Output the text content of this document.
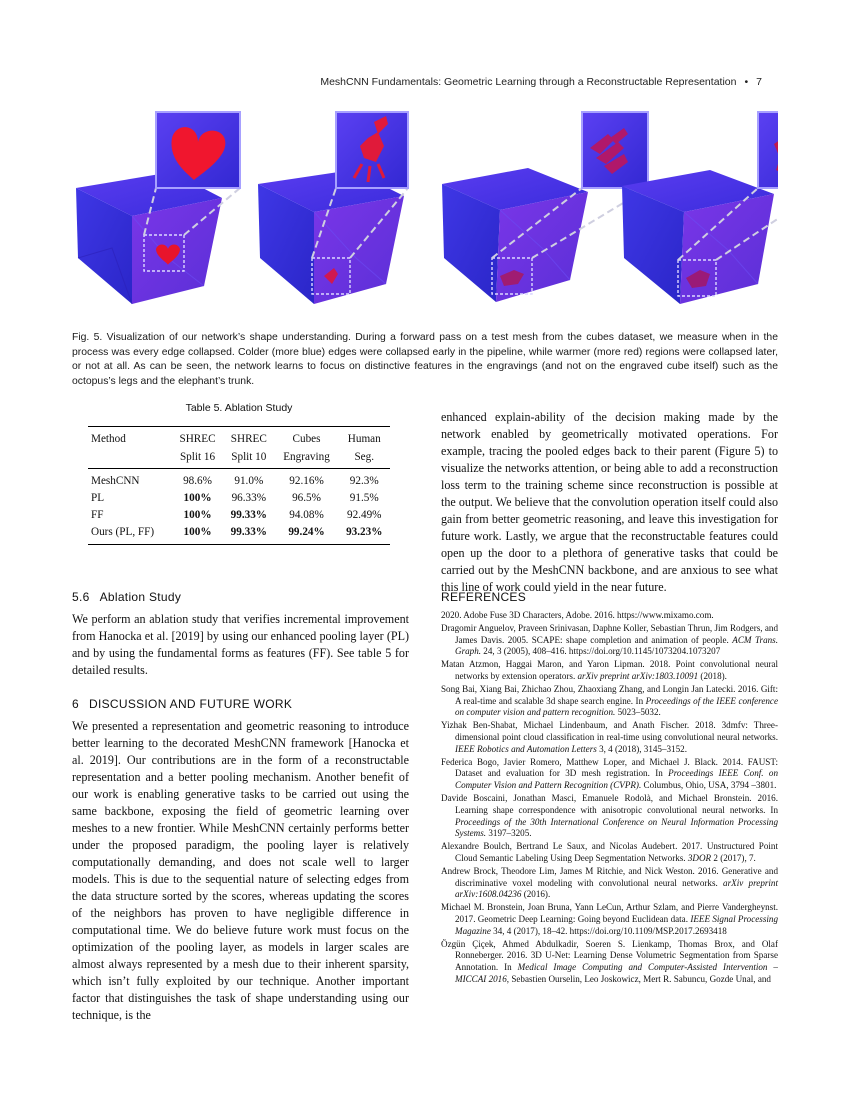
MeshCNN Fundamentals: Geometric Learning through a Reconstructable Representation • 7
Fig. 5. Visualization of our network’s shape understanding. During a forward pass on a test mesh from the cubes dataset, we measure when in the process was every edge collapsed. Colder (more blue) edges were collapsed early in the pipeline, while warmer (more red) regions were collapsed later, or not at all. As can be seen, the network learns to focus on distinctive features in the engravings (and not on the engraved cube itself) such as the octopus’s legs and the elephant’s trunk.
Table 5. Ablation Study
Method	SHREC	SHREC	Cubes	Human
	Split 16	Split 10	Engraving	Seg.
MeshCNN	98.6%	91.0%	92.16%	92.3%
PL	100%	96.33%	96.5%	91.5%
FF	100%	99.33%	94.08%	92.49%
Ours (PL, FF)	100%	99.33%	99.24%	93.23%
5.6 Ablation Study
We perform an ablation study that verifies incremental improvement from Hanocka et al. [2019] by using our enhanced pooling layer (PL) and by using the fundamental forms as features (FF). See table 5 for detailed results.
6 DISCUSSION AND FUTURE WORK
We presented a representation and geometric reasoning to introduce better learning to the decorated MeshCNN framework [Hanocka et al. 2019]. Our contributions are in the form of a reconstructable representation and a better pooling mechanism. Another benefit of our work is enabling generative tasks to be carried out using the same backbone, exposing the field of geometric learning over meshes to a new frontier. While MeshCNN certainly performs better under the proposed paradigm, the pooling layer is relatively computationally demanding, and does not scale well to larger models. This is due to the sequential nature of selecting edges from the data structure sorted by the scores, whereas updating the scores of the neighbors has proven to have negligible difference in computational time. We do believe future work must focus on the optimization of the pooling layer, as models in larger scales are almost always represented by a mesh due to their inherent sparsity, which isn’t fully exploited by our technique. Another important factor that distinguishes the task of shape understanding using our technique, is the
enhanced explain-ability of the decision making made by the network enabled by geometrically motivated operations. For example, tracing the pooled edges back to their parent (Figure 5) to visualize the networks attention, or being able to add a reconstruction loss term to the training scheme since reconstruction is possible at the output. We believe that the convolution operation itself could also gain from better geometric reasoning, and leave this investigation for future work. Lastly, we argue that the reconstructable features could open up the door to a plethora of generative tasks that could be carried out by the MeshCNN backbone, and are anxious to see what this line of work could yield in the near future.
REFERENCES
2020. Adobe Fuse 3D Characters, Adobe. 2016. https://www.mixamo.com.
Dragomir Anguelov, Praveen Srinivasan, Daphne Koller, Sebastian Thrun, Jim Rodgers, and James Davis. 2005. SCAPE: shape completion and animation of people. ACM Trans. Graph. 24, 3 (2005), 408–416. https://doi.org/10.1145/1073204.1073207
Matan Atzmon, Haggai Maron, and Yaron Lipman. 2018. Point convolutional neural networks by extension operators. arXiv preprint arXiv:1803.10091 (2018).
Song Bai, Xiang Bai, Zhichao Zhou, Zhaoxiang Zhang, and Longin Jan Latecki. 2016. Gift: A real-time and scalable 3d shape search engine. In Proceedings of the IEEE conference on computer vision and pattern recognition. 5023–5032.
Yizhak Ben-Shabat, Michael Lindenbaum, and Anath Fischer. 2018. 3dmfv: Three-dimensional point cloud classification in real-time using convolutional neural networks. IEEE Robotics and Automation Letters 3, 4 (2018), 3145–3152.
Federica Bogo, Javier Romero, Matthew Loper, and Michael J. Black. 2014. FAUST: Dataset and evaluation for 3D mesh registration. In Proceedings IEEE Conf. on Computer Vision and Pattern Recognition (CVPR). Columbus, Ohio, USA, 3794 –3801.
Davide Boscaini, Jonathan Masci, Emanuele Rodolà, and Michael Bronstein. 2016. Learning shape correspondence with anisotropic convolutional neural networks. In Proceedings of the 30th International Conference on Neural Information Processing Systems. 3197–3205.
Alexandre Boulch, Bertrand Le Saux, and Nicolas Audebert. 2017. Unstructured Point Cloud Semantic Labeling Using Deep Segmentation Networks. 3DOR 2 (2017), 7.
Andrew Brock, Theodore Lim, James M Ritchie, and Nick Weston. 2016. Generative and discriminative voxel modeling with convolutional neural networks. arXiv preprint arXiv:1608.04236 (2016).
Michael M. Bronstein, Joan Bruna, Yann LeCun, Arthur Szlam, and Pierre Vandergheynst. 2017. Geometric Deep Learning: Going beyond Euclidean data. IEEE Signal Processing Magazine 34, 4 (2017), 18–42. https://doi.org/10.1109/MSP.2017.2693418
Özgün Çiçek, Ahmed Abdulkadir, Soeren S. Lienkamp, Thomas Brox, and Olaf Ronneberger. 2016. 3D U-Net: Learning Dense Volumetric Segmentation from Sparse Annotation. In Medical Image Computing and Computer-Assisted Intervention – MICCAI 2016, Sebastien Ourselin, Leo Joskowicz, Mert R. Sabuncu, Gozde Unal, and
